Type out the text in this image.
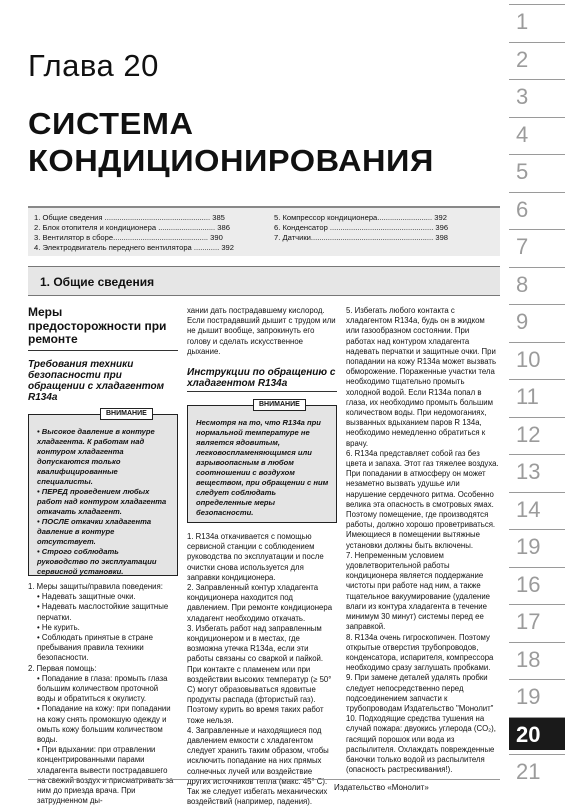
1
2
3
4
5
6
7
8
9
10
11
12
13
14
19
16
17
18
19
20
21
Глава 20
СИСТЕМА
КОНДИЦИОНИРОВАНИЯ
1. Общие сведения .................................................. 385
2. Блок отопителя и кондиционера ........................... 386
3. Вентилятор в сборе............................................. 390
4. Электродвигатель переднего вентилятора ............ 392
5. Компрессор кондиционера.......................... 392
6. Конденсатор ................................................. 396
7. Датчики.......................................................... 398
1. Общие сведения

Меры предосторожности при ремонте

Требования техники безопасности при обращении с хладагентом R134a

• Высокое давление в контуре хладагента. К работам над контуром хладагента допускаются только квалифицированные специалисты.

• ПЕРЕД проведением любых работ над контуром хладагента откачать хладагент.

• ПОСЛЕ откачки хладагента давление в контуре отсутствует.

• Строго соблюдать руководство по эксплуатации сервисной установки.

ВНИМАНИЕ

1. Меры защиты/правила поведения:

• Надевать защитные очки.

• Надевать маслостойкие защитные перчатки.

• Не курить.

• Соблюдать принятые в стране пребывания правила техники безопасности.

2. Первая помощь:

• Попадание в глаза: промыть глаза большим количеством проточной воды и обратиться к окулисту.

• Попадание на кожу: при попадании на кожу снять промокшую одежду и омыть кожу большим количеством воды.

• При вдыхании: при отравлении концентрированными парами хладагента вывести пострадавшего на свежий воздух и присматривать за ним до приезда врача. При затрудненном ды-

хании дать пострадавшему кислород. Если пострадавший дышит с трудом или не дышит вообще, запрокинуть его голову и сделать искусственное дыхание.

Инструкции по обращению с хладагентом R134a

Несмотря на то, что R134a при нормальной температуре не является ядовитым, легковоспламеняющимся или взрывоопасным в любом соотношении с воздухом веществом, при обращении с ним следует соблюдать определенные меры безопасности.

ВНИМАНИЕ

1. R134a откачивается с помощью сервисной станции с соблюдением руководства по эксплуатации и после очистки снова используется для заправки кондиционера.

2. Заправленный контур хладагента кондиционера находится под давлением. При ремонте кондиционера хладагент необходимо откачать.

3. Избегать работ над заправленным кондиционером и в местах, где возможна утечка R134a, если эти работы связаны со сваркой и пайкой. При контакте с пламенем или при воздействии высоких температур (≥ 50° C) могут образовываться ядовитые продукты распада (фтористый газ). Поэтому курить во время таких работ тоже нельзя.

4. Заправленные и находящиеся под давлением емкости с хладагентом следует хранить таким образом, чтобы исключить попадание на них прямых солнечных лучей или воздействие других источников тепла (макс. 45° C). Так же следует избегать механических воздействий (например, падения).

5. Избегать любого контакта с хладагентом R134a, будь он в жидком или газообразном состоянии. При работах над контуром хладагента надевать перчатки и защитные очки. При попадании на кожу R134a может вызвать обморожение. Пораженные участки тела необходимо тщательно промыть холодной водой. Если R134a попал в глаза, их необходимо промыть большим количеством воды. При недомоганиях, вызванных вдыханием паров R 134a, необходимо немедленно обратиться к врачу.

6. R134a представляет собой газ без цвета и запаха. Этот газ тяжелее воздуха. При попадании в атмосферу он может незаметно вызвать удушье или нарушение сердечного ритма. Особенно велика эта опасность в смотровых ямах. Поэтому помещение, где производятся работы, должно хорошо проветриваться. Имеющиеся в помещении вытяжные установки должны быть включены.

7. Непременным условием удовлетворительной работы кондиционера является поддержание чистоты при работе над ним, а также тщательное вакуумирование (удаление влаги из контура хладагента в течение минимум 30 минут) системы перед ее заправкой.

8. R134a очень гигроскопичен. Поэтому открытые отверстия трубопроводов, конденсатора, испарителя, компрессора необходимо сразу заглушать пробками.

9. При замене деталей удалять пробки следует непосредственно перед подсоединением запчасти к трубопроводам Издательство "Монолит"

10. Подходящие средства тушения на случай пожара: двуокись углерода (CO₂), гасящий порошок или вода из распылителя. Охлаждать поврежденные баночки только водой из распылителя (опасность растрескивания!).

Издательство «Монолит»
